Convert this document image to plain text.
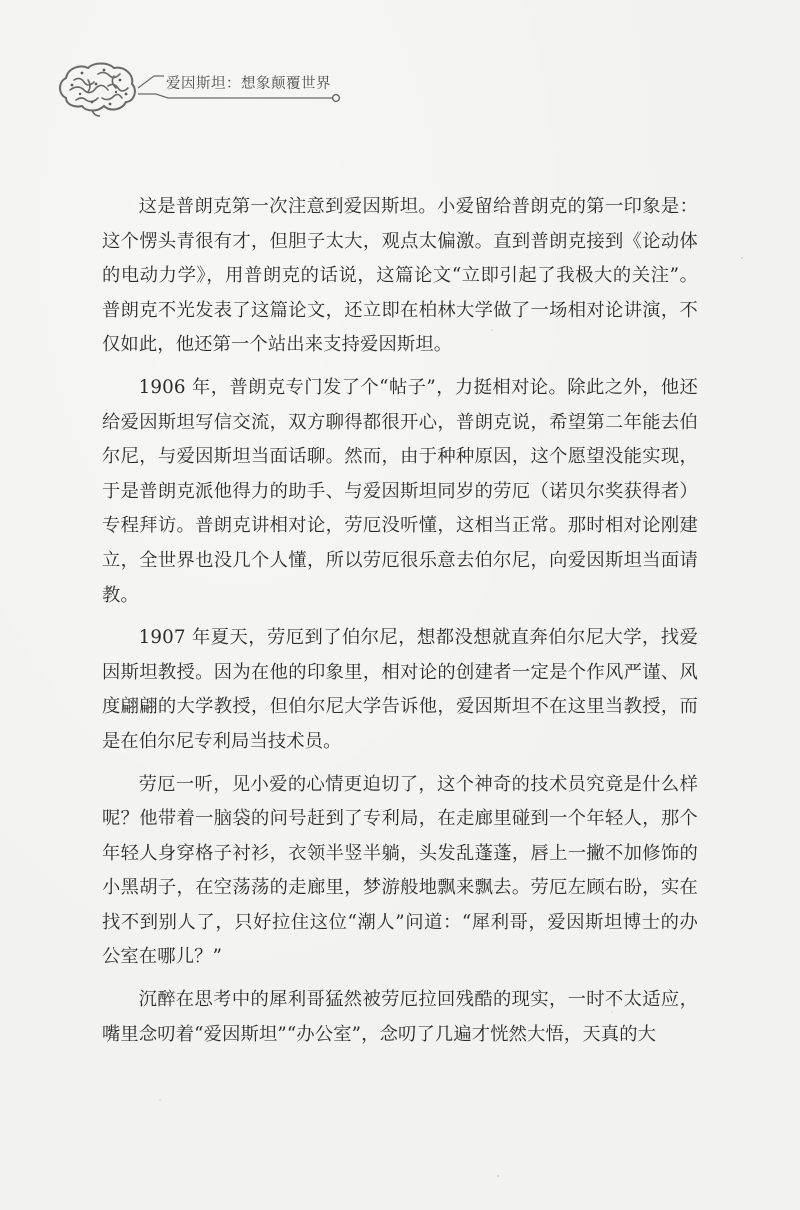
爱因斯坦：想象颠覆世界

这是普朗克第一次注意到爱因斯坦。小爱留给普朗克的第一印象是：这个愣头青很有才，但胆子太大，观点太偏激。直到普朗克接到《论动体的电动力学》，用普朗克的话说，这篇论文“立即引起了我极大的关注”。普朗克不光发表了这篇论文，还立即在柏林大学做了一场相对论讲演，不仅如此，他还第一个站出来支持爱因斯坦。

1906 年，普朗克专门发了个“帖子”，力挺相对论。除此之外，他还给爱因斯坦写信交流，双方聊得都很开心，普朗克说，希望第二年能去伯尔尼，与爱因斯坦当面话聊。然而，由于种种原因，这个愿望没能实现，于是普朗克派他得力的助手、与爱因斯坦同岁的劳厄（诺贝尔奖获得者）专程拜访。普朗克讲相对论，劳厄没听懂，这相当正常。那时相对论刚建立，全世界也没几个人懂，所以劳厄很乐意去伯尔尼，向爱因斯坦当面请教。

1907 年夏天，劳厄到了伯尔尼，想都没想就直奔伯尔尼大学，找爱因斯坦教授。因为在他的印象里，相对论的创建者一定是个作风严谨、风度翩翩的大学教授，但伯尔尼大学告诉他，爱因斯坦不在这里当教授，而是在伯尔尼专利局当技术员。

劳厄一听，见小爱的心情更迫切了，这个神奇的技术员究竟是什么样呢？他带着一脑袋的问号赶到了专利局，在走廊里碰到一个年轻人，那个年轻人身穿格子衬衫，衣领半竖半躺，头发乱蓬蓬，唇上一撇不加修饰的小黑胡子，在空荡荡的走廊里，梦游般地飘来飘去。劳厄左顾右盼，实在找不到别人了，只好拉住这位“潮人”问道：“犀利哥，爱因斯坦博士的办公室在哪儿？”

沉醉在思考中的犀利哥猛然被劳厄拉回残酷的现实，一时不太适应，嘴里念叨着“爱因斯坦”“办公室”，念叨了几遍才恍然大悟，天真的大
